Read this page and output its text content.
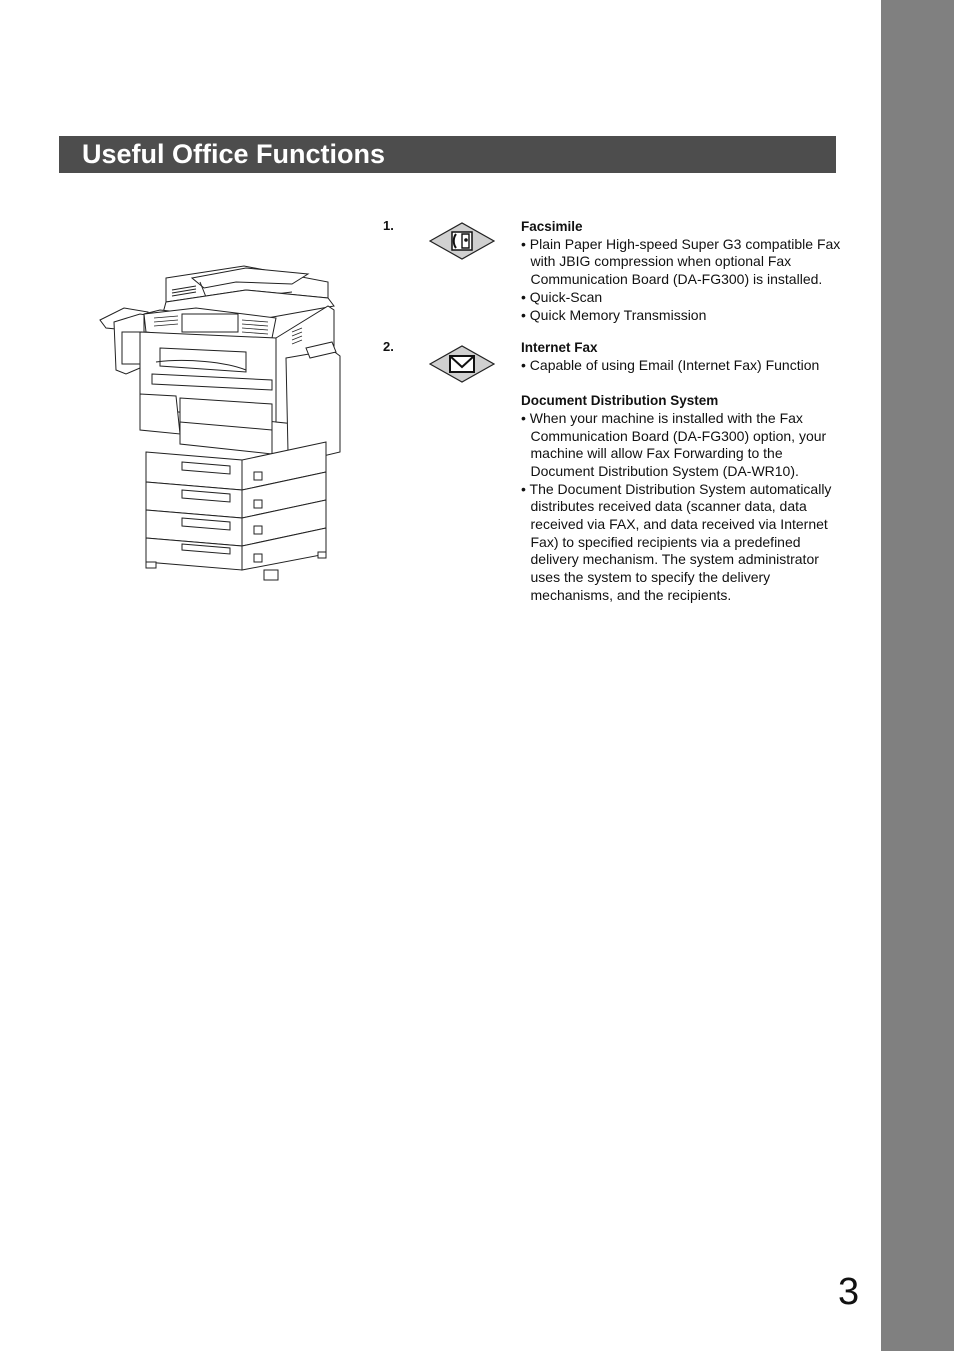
Useful Office Functions
1.	Facsimile
• Plain Paper High-speed Super G3 compatible Fax with JBIG compression when optional Fax Communication Board (DA-FG300) is installed.
• Quick-Scan
• Quick Memory Transmission
2.	Internet Fax
• Capable of using Email (Internet Fax) Function
Document Distribution System
• When your machine is installed with the Fax Communication Board (DA-FG300) option, your machine will allow Fax Forwarding to the Document Distribution System (DA-WR10).
• The Document Distribution System automatically distributes received data (scanner data, data received via FAX, and data received via Internet Fax) to specified recipients via a predefined delivery mechanism. The system administrator uses the system to specify the delivery mechanisms, and the recipients.
3
